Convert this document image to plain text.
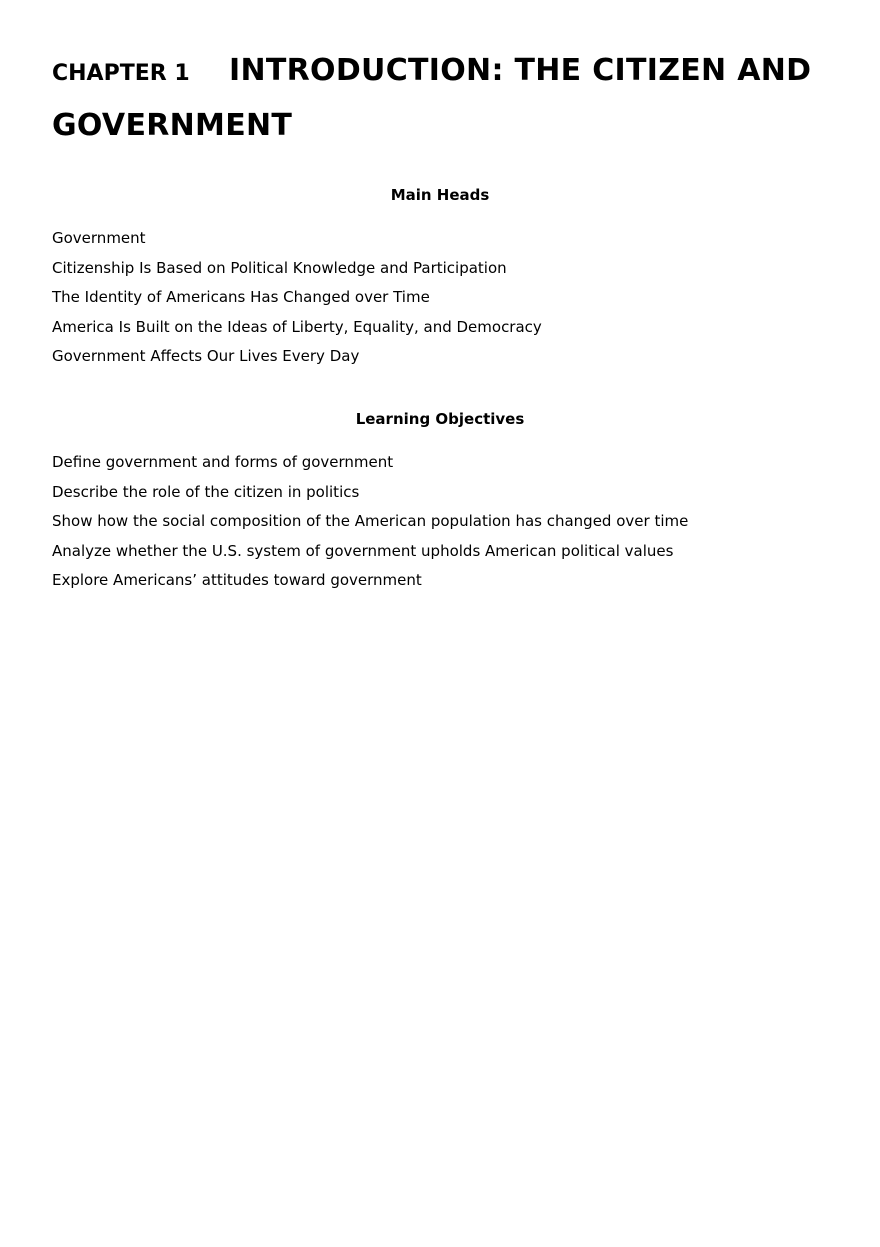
CHAPTER 1 INTRODUCTION: THE CITIZEN AND GOVERNMENT
Main Heads
Government
Citizenship Is Based on Political Knowledge and Participation
The Identity of Americans Has Changed over Time
America Is Built on the Ideas of Liberty, Equality, and Democracy
Government Affects Our Lives Every Day
Learning Objectives
Define government and forms of government
Describe the role of the citizen in politics
Show how the social composition of the American population has changed over time
Analyze whether the U.S. system of government upholds American political values
Explore Americans’ attitudes toward government
